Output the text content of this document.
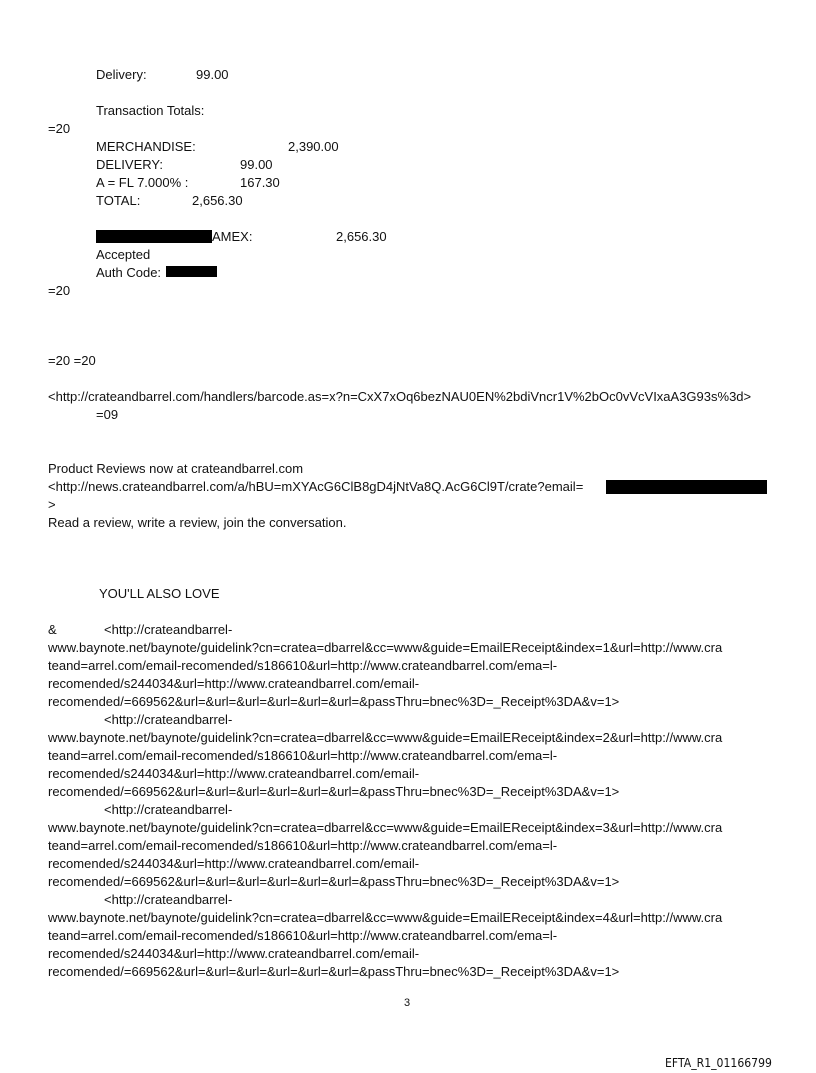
Delivery:	99.00
Transaction Totals:
=20
MERCHANDISE:	2,390.00
DELIVERY:	99.00
A = FL 7.000% :	167.30
TOTAL:	2,656.30
AMEX:	2,656.30
Accepted
Auth Code:
=20
=20 =20
<http://crateandbarrel.com/handlers/barcode.as=x?n=CxX7xOq6bezNAU0EN%2bdiVncr1V%2bOc0vVcVIxaA3G93s%3d>
=09
Product Reviews now at crateandbarrel.com
<http://news.crateandbarrel.com/a/hBU=mXYAcG6ClB8gD4jNtVa8Q.AcG6Cl9T/crate?email=
>
Read a review, write a review, join the conversation.
YOU'LL ALSO LOVE
&	<http://crateandbarrel-
www.baynote.net/baynote/guidelink?cn=cratea=dbarrel&cc=www&guide=EmailEReceipt&index=1&url=http://www.cra
teand=arrel.com/email-recomended/s186610&url=http://www.crateandbarrel.com/ema=l-
recomended/s244034&url=http://www.crateandbarrel.com/email-
recomended/=669562&url=&url=&url=&url=&url=&url=&passThru=bnec%3D=_Receipt%3DA&v=1>
<http://crateandbarrel-
www.baynote.net/baynote/guidelink?cn=cratea=dbarrel&cc=www&guide=EmailEReceipt&index=2&url=http://www.cra
teand=arrel.com/email-recomended/s186610&url=http://www.crateandbarrel.com/ema=l-
recomended/s244034&url=http://www.crateandbarrel.com/email-
recomended/=669562&url=&url=&url=&url=&url=&url=&passThru=bnec%3D=_Receipt%3DA&v=1>
<http://crateandbarrel-
www.baynote.net/baynote/guidelink?cn=cratea=dbarrel&cc=www&guide=EmailEReceipt&index=3&url=http://www.cra
teand=arrel.com/email-recomended/s186610&url=http://www.crateandbarrel.com/ema=l-
recomended/s244034&url=http://www.crateandbarrel.com/email-
recomended/=669562&url=&url=&url=&url=&url=&url=&passThru=bnec%3D=_Receipt%3DA&v=1>
<http://crateandbarrel-
www.baynote.net/baynote/guidelink?cn=cratea=dbarrel&cc=www&guide=EmailEReceipt&index=4&url=http://www.cra
teand=arrel.com/email-recomended/s186610&url=http://www.crateandbarrel.com/ema=l-
recomended/s244034&url=http://www.crateandbarrel.com/email-
recomended/=669562&url=&url=&url=&url=&url=&url=&passThru=bnec%3D=_Receipt%3DA&v=1>
3
EFTA_R1_01166799
